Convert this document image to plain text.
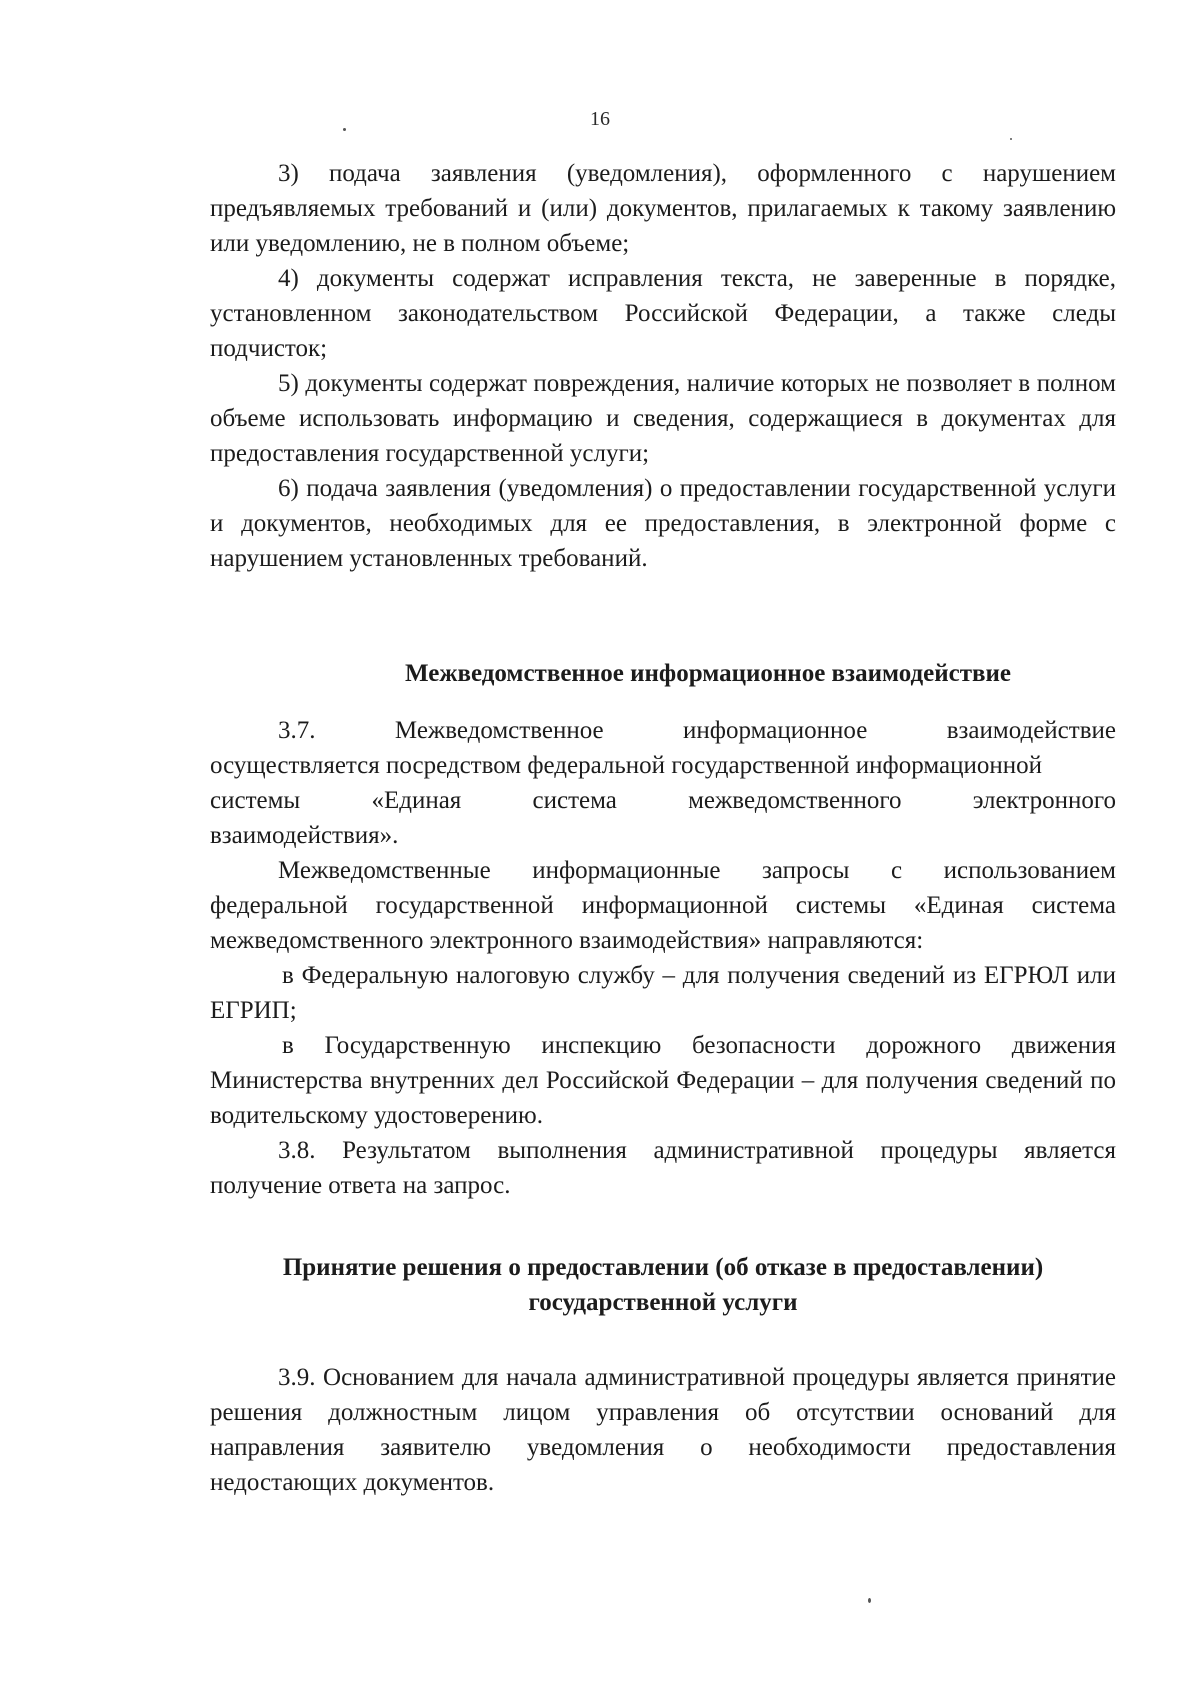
16

3) подача заявления (уведомления), оформленного с нарушением предъявляемых требований и (или) документов, прилагаемых к такому заявлению или уведомлению, не в полном объеме;

4) документы содержат исправления текста, не заверенные в порядке, установленном законодательством Российской Федерации, а также следы подчисток;

5) документы содержат повреждения, наличие которых не позволяет в полном объеме использовать информацию и сведения, содержащиеся в документах для предоставления государственной услуги;

6) подача заявления (уведомления) о предоставлении государственной услуги и документов, необходимых для ее предоставления, в электронной форме с нарушением установленных требований.

Межведомственное информационное взаимодействие

3.7.	Межведомственное	информационное	взаимодействие

осуществляется посредством федеральной государственной информационной

системы	«Единая	система	межведомственного	электронного

взаимодействия».

Межведомственные информационные запросы с использованием федеральной государственной информационной системы «Единая система межведомственного электронного взаимодействия» направляются:

в Федеральную налоговую службу – для получения сведений из ЕГРЮЛ или ЕГРИП;

в Государственную инспекцию безопасности дорожного движения Министерства внутренних дел Российской Федерации – для получения сведений по водительскому удостоверению.

3.8. Результатом выполнения административной процедуры является получение ответа на запрос.

Принятие решения о предоставлении (об отказе в предоставлении)

государственной услуги

3.9. Основанием для начала административной процедуры является принятие решения должностным лицом управления об отсутствии оснований для направления заявителю уведомления о необходимости предоставления недостающих документов.
